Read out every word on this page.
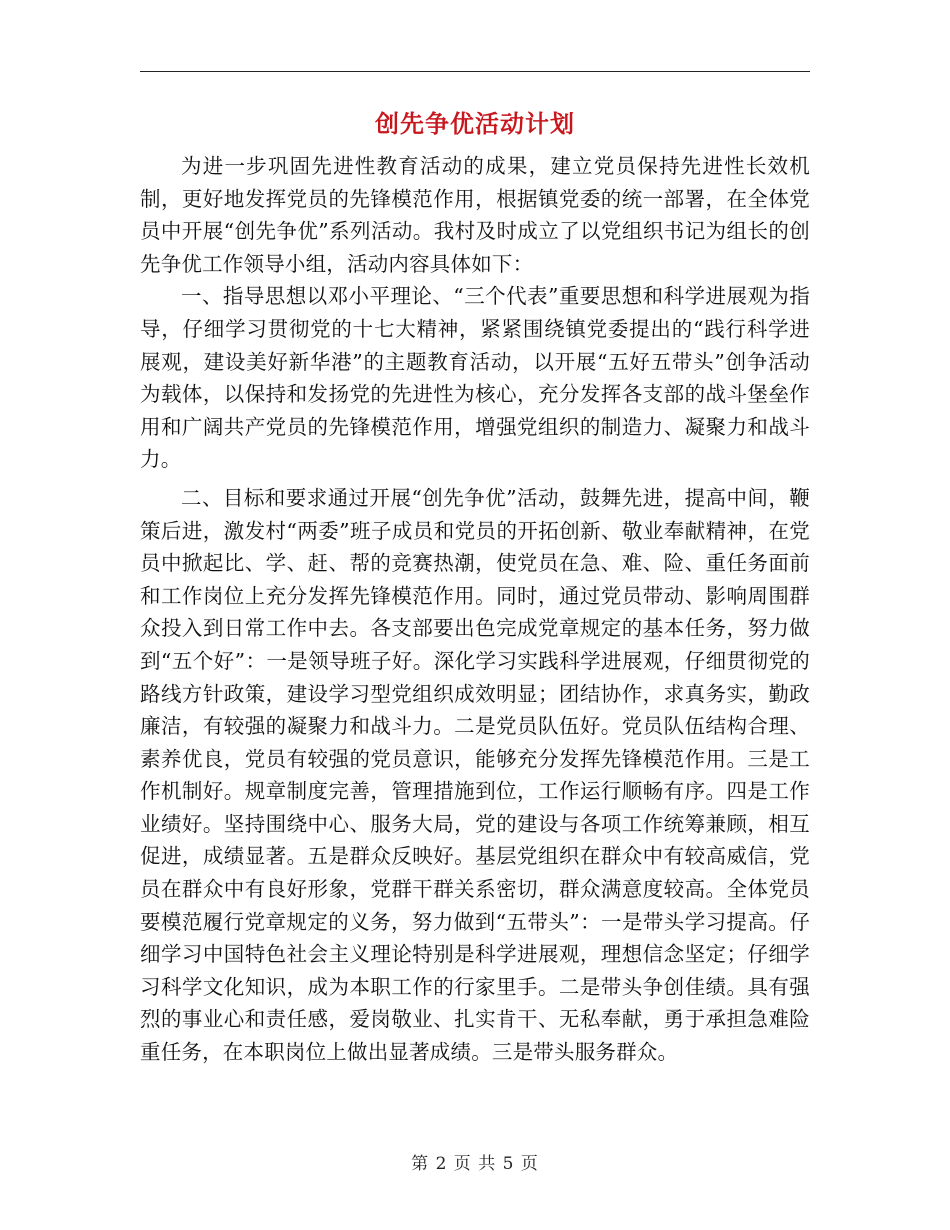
创先争优活动计划

为进一步巩固先进性教育活动的成果，建立党员保持先进性长效机制，更好地发挥党员的先锋模范作用，根据镇党委的统一部署，在全体党员中开展“创先争优”系列活动。我村及时成立了以党组织书记为组长的创先争优工作领导小组，活动内容具体如下：

一、指导思想以邓小平理论、“三个代表”重要思想和科学进展观为指导，仔细学习贯彻党的十七大精神，紧紧围绕镇党委提出的“践行科学进展观，建设美好新华港”的主题教育活动，以开展“五好五带头”创争活动为载体，以保持和发扬党的先进性为核心，充分发挥各支部的战斗堡垒作用和广阔共产党员的先锋模范作用，增强党组织的制造力、凝聚力和战斗力。

二、目标和要求通过开展“创先争优”活动，鼓舞先进，提高中间，鞭策后进，激发村“两委”班子成员和党员的开拓创新、敬业奉献精神，在党员中掀起比、学、赶、帮的竞赛热潮，使党员在急、难、险、重任务面前和工作岗位上充分发挥先锋模范作用。同时，通过党员带动、影响周围群众投入到日常工作中去。各支部要出色完成党章规定的基本任务，努力做到“五个好”：一是领导班子好。深化学习实践科学进展观，仔细贯彻党的路线方针政策，建设学习型党组织成效明显；团结协作，求真务实，勤政廉洁，有较强的凝聚力和战斗力。二是党员队伍好。党员队伍结构合理、素养优良，党员有较强的党员意识，能够充分发挥先锋模范作用。三是工作机制好。规章制度完善，管理措施到位，工作运行顺畅有序。四是工作业绩好。坚持围绕中心、服务大局，党的建设与各项工作统筹兼顾，相互促进，成绩显著。五是群众反映好。基层党组织在群众中有较高威信，党员在群众中有良好形象，党群干群关系密切，群众满意度较高。全体党员要模范履行党章规定的义务，努力做到“五带头”：一是带头学习提高。仔细学习中国特色社会主义理论特别是科学进展观，理想信念坚定；仔细学习科学文化知识，成为本职工作的行家里手。二是带头争创佳绩。具有强烈的事业心和责任感，爱岗敬业、扎实肯干、无私奉献，勇于承担急难险重任务，在本职岗位上做出显著成绩。三是带头服务群众。

第 2 页 共 5 页
